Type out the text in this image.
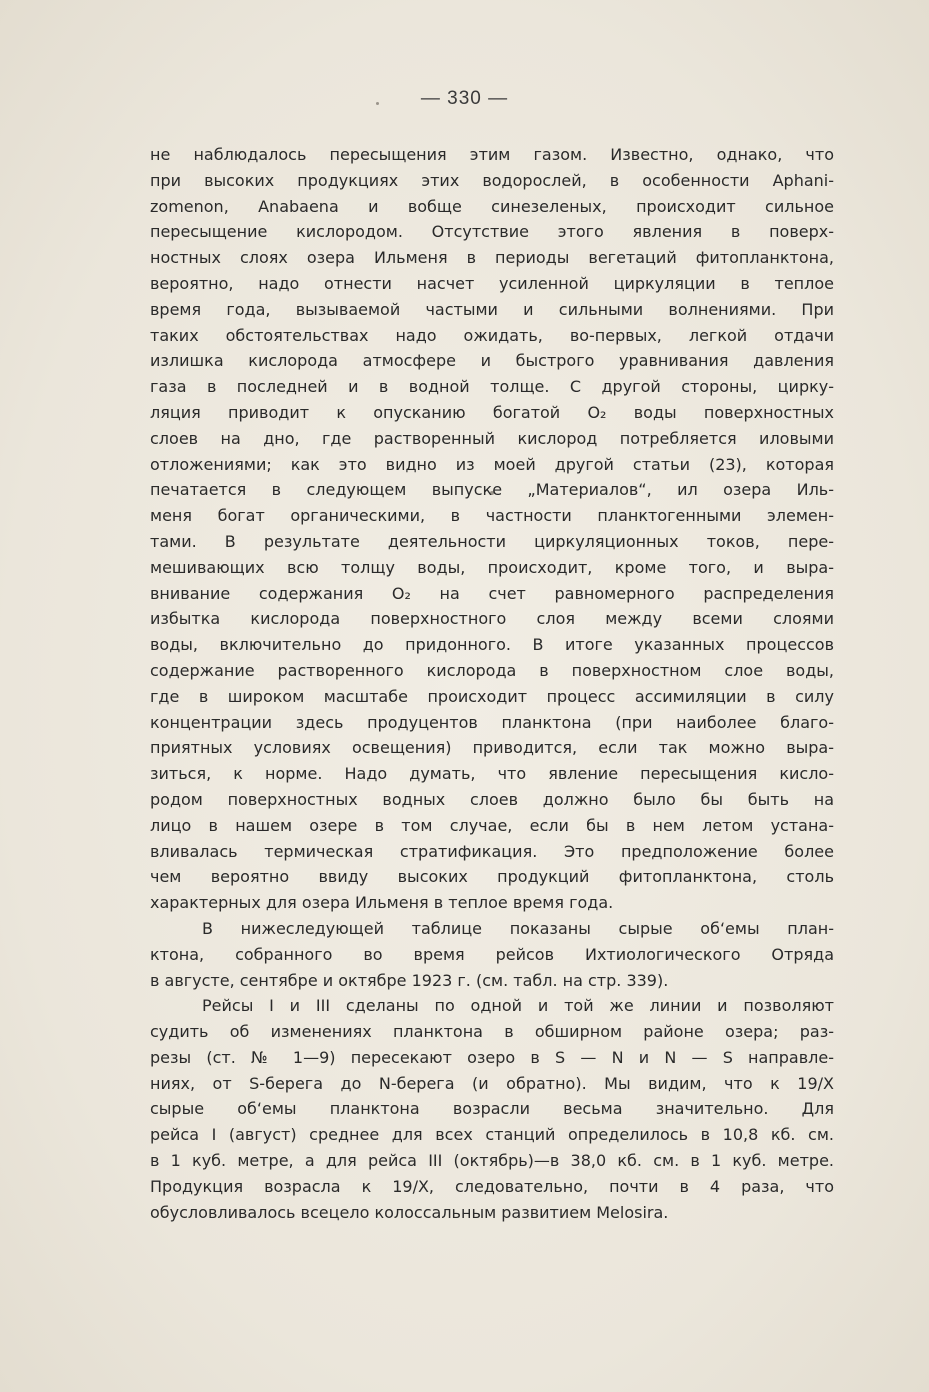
— 330 —
не наблюдалось пересыщения этим газом. Известно, однако, что
при высоких продукциях этих водорослей, в особенности Aphani-
zomenon, Anabaena и вобще синезеленых, происходит сильное
пересыщение кислородом. Отсутствие этого явления в поверх-
ностных слоях озера Ильменя в периоды вегетаций фитопланктона,
вероятно, надо отнести насчет усиленной циркуляции в теплое
время года, вызываемой частыми и сильными волнениями. При
таких обстоятельствах надо ожидать, во-первых, легкой отдачи
излишка кислорода атмосфере и быстрого уравнивания давления
газа в последней и в водной толще. С другой стороны, цирку-
ляция приводит к опусканию богатой O₂ воды поверхностных
слоев на дно, где растворенный кислород потребляется иловыми
отложениями; как это видно из моей другой статьи (23), которая
печатается в следующем выпуске „Материалов“, ил озера Иль-
меня богат органическими, в частности планктогенными элемен-
тами. В результате деятельности циркуляционных токов, пере-
мешивающих всю толщу воды, происходит, кроме того, и выра-
внивание содержания O₂ на счет равномерного распределения
избытка кислорода поверхностного слоя между всеми слоями
воды, включительно до придонного. В итоге указанных процессов
содержание растворенного кислорода в поверхностном слое воды,
где в широком масштабе происходит процесс ассимиляции в силу
концентрации здесь продуцентов планктона (при наиболее благо-
приятных условиях освещения) приводится, если так можно выра-
зиться, к норме. Надо думать, что явление пересыщения кисло-
родом поверхностных водных слоев должно было бы быть на
лицо в нашем озере в том случае, если бы в нем летом устана-
вливалась термическая стратификация. Это предположение более
чем вероятно ввиду высоких продукций фитопланктона, столь
характерных для озера Ильменя в теплое время года.
В нижеследующей таблице показаны сырые об‘емы план-
ктона, собранного во время рейсов Ихтиологического Отряда
в августе, сентябре и октябре 1923 г. (см. табл. на стр. 339).
Рейсы I и III сделаны по одной и той же линии и позволяют
судить об изменениях планктона в обширном районе озера; раз-
резы (ст. № 1—9) пересекают озеро в S — N и N — S направле-
ниях, от S-берега до N-берега (и обратно). Мы видим, что к 19/X
сырые об‘емы планктона возрасли весьма значительно. Для
рейса I (август) среднее для всех станций определилось в 10,8 кб. см.
в 1 куб. метре, а для рейса III (октябрь)—в 38,0 кб. см. в 1 куб. метре.
Продукция возрасла к 19/X, следовательно, почти в 4 раза, что
обусловливалось всецело колоссальным развитием Melosira.
